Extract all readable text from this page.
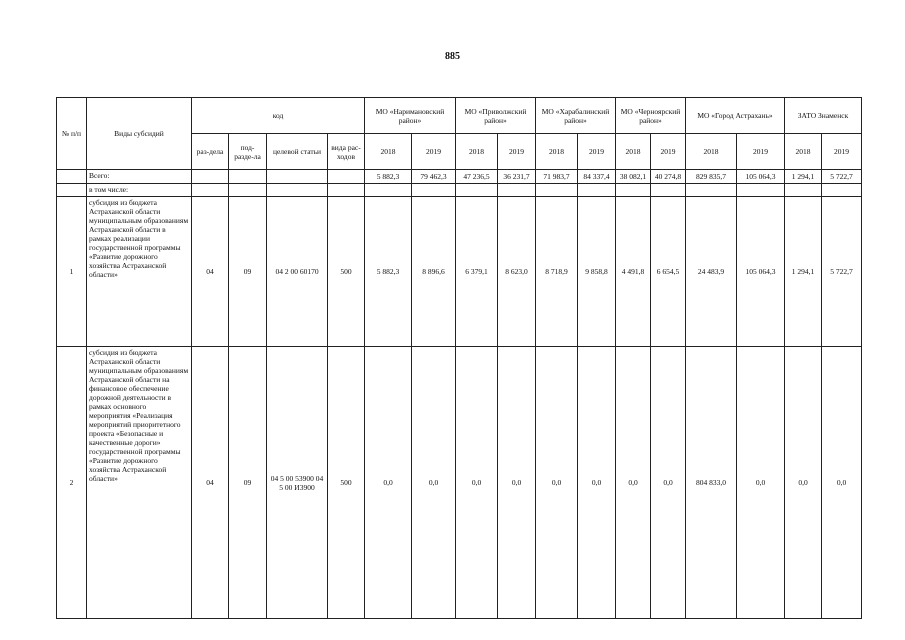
885
№ п/п	Виды субсидий	код				МО «Наримановский район»		МО «Приволжский район»		МО «Харабалинский район»		МО «Черноярский район»		МО «Город Астрахань»		ЗАТО Знаменск	
		раз-дела	под-разде-ла	целевой статьи	вида рас-ходов	2018	2019	2018	2019	2018	2019	2018	2019	2018	2019	2018	2019
	Всего:					5 882,3	79 462,3	47 236,5	36 231,7	71 983,7	84 337,4	38 082,1	40 274,8	829 835,7	105 064,3	1 294,1	5 722,7
	в том числе:																
1	субсидия из бюджета Астраханской области муниципальным образованиям Астраханской области в рамках реализации государственной программы «Развитие дорожного хозяйства Астраханской области»	04	09	04 2 00 60170	500	5 882,3	8 896,6	6 379,1	8 623,0	8 718,9	9 858,8	4 491,8	6 654,5	24 483,9	105 064,3	1 294,1	5 722,7
2	субсидия из бюджета Астраханской области муниципальным образованиям Астраханской области на финансовое обеспечение дорожной деятельности в рамках основного мероприятия «Реализация мероприятий приоритетного проекта «Безопасные и качественные дороги» государственной программы «Развитие дорожного хозяйства Астраханской области»	04	09	04 5 00 53900 04 5 00 И3900	500	0,0	0,0	0,0	0,0	0,0	0,0	0,0	0,0	804 833,0	0,0	0,0	0,0
